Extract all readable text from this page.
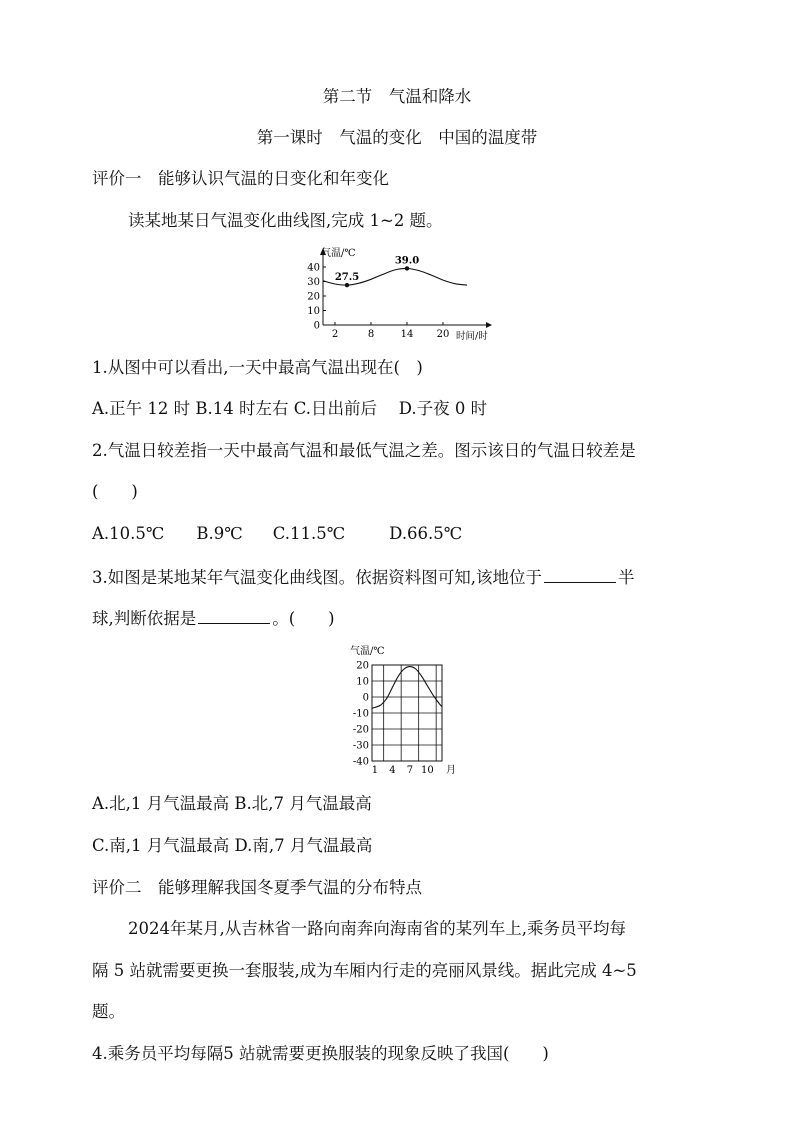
第二节　气温和降水
第一课时　气温的变化　中国的温度带
评价一　能够认识气温的日变化和年变化
读某地某日气温变化曲线图,完成 1~2 题。
0
10
20
30
40
2	8	14 20
气温/℃
时间/时
27.5
39.0
1.从图中可以看出,一天中最高气温出现在(　)
A.正午 12 时 B.14 时左右 C.日出前后　 D.子夜 0 时
2.气温日较差指一天中最高气温和最低气温之差。图示该日的气温日较差是
(　　)
A.10.5℃ B.9℃ C.11.5℃	D.66.5℃
3.如图是某地某年气温变化曲线图。依据资料图可知,该地位于	半
球,判断依据是	。(　　)
气温/℃
20
10
0
-10
-20
-30
-40
1 4 7 10 月
A.北,1 月气温最高 B.北,7 月气温最高
C.南,1 月气温最高 D.南,7 月气温最高
评价二　能够理解我国冬夏季气温的分布特点
2024年某月,从吉林省一路向南奔向海南省的某列车上,乘务员平均每
隔 5 站就需要更换一套服装,成为车厢内行走的亮丽风景线。据此完成 4~5
题。
4.乘务员平均每隔5 站就需要更换服装的现象反映了我国(　　)
